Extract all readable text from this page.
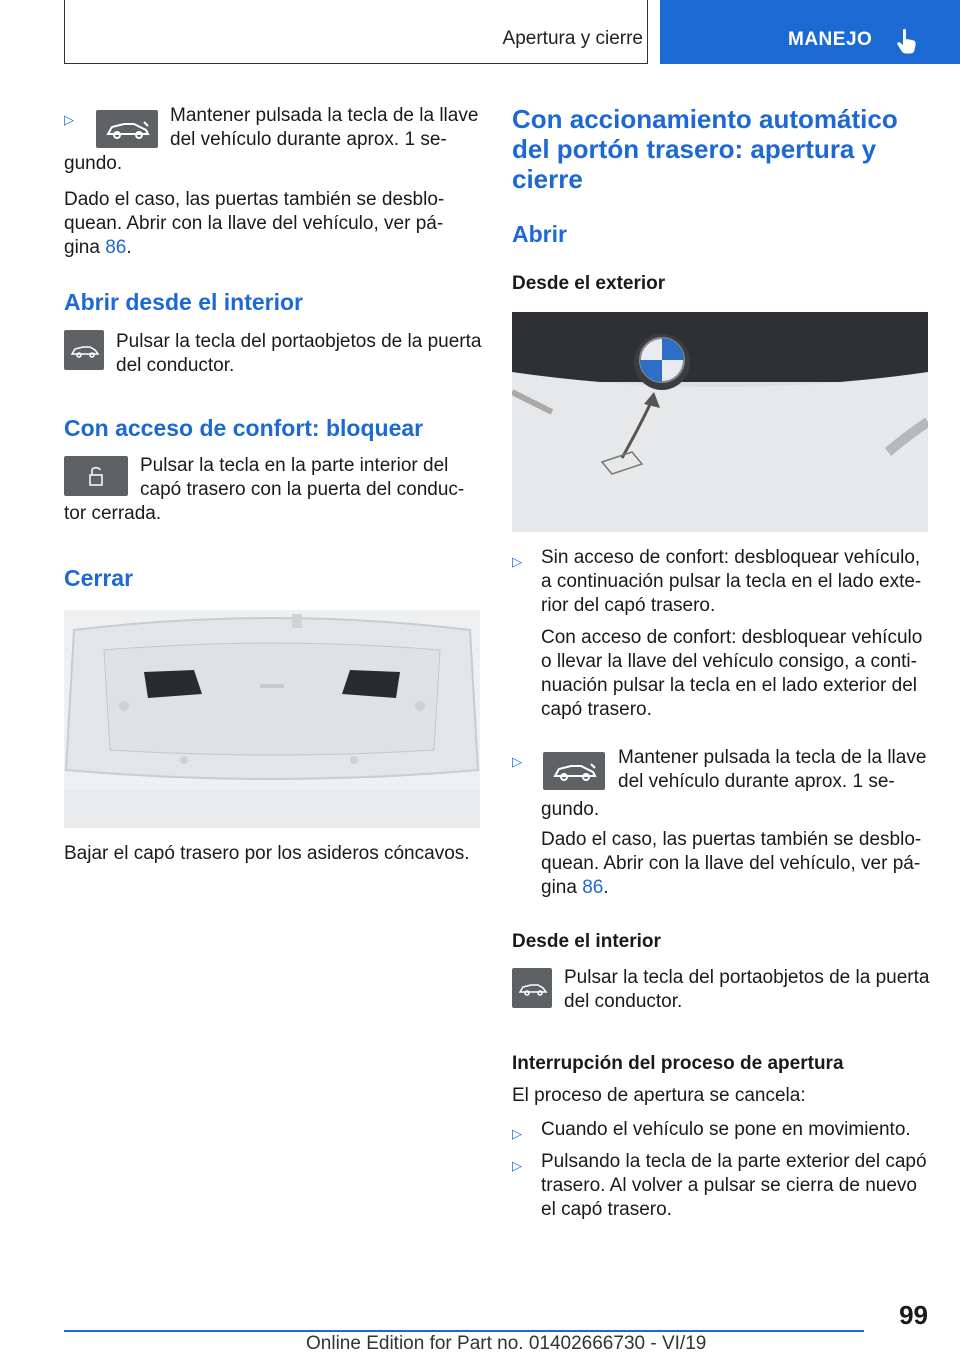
Apertura y cierre	MANEJO
▷	Mantener pulsada la tecla de la llave

del vehículo durante aprox. 1 se-

gundo.

Dado el caso, las puertas también se desblo-

quean. Abrir con la llave del vehículo, ver pá-

gina 86.

Abrir desde el interior

Pulsar la tecla del portaobjetos de la puerta

del conductor.

Con acceso de confort: bloquear

Pulsar la tecla en la parte interior del

capó trasero con la puerta del conduc-

tor cerrada.

Cerrar

Bajar el capó trasero por los asideros cóncavos.

Con accionamiento automático

del portón trasero: apertura y

cierre

Abrir

Desde el exterior

▷ Sin acceso de confort: desbloquear vehículo,

a continuación pulsar la tecla en el lado exte-

rior del capó trasero.

Con acceso de confort: desbloquear vehículo

o llevar la llave del vehículo consigo, a conti-

nuación pulsar la tecla en el lado exterior del

capó trasero.

▷	Mantener pulsada la tecla de la llave

del vehículo durante aprox. 1 se-

gundo.

Dado el caso, las puertas también se desblo-

quean. Abrir con la llave del vehículo, ver pá-

gina 86.

Desde el interior

Pulsar la tecla del portaobjetos de la puerta

del conductor.

Interrupción del proceso de apertura

El proceso de apertura se cancela:

▷ Cuando el vehículo se pone en movimiento.

▷ Pulsando la tecla de la parte exterior del capó

trasero. Al volver a pulsar se cierra de nuevo

el capó trasero.

99
Online Edition for Part no. 01402666730 - VI/19
